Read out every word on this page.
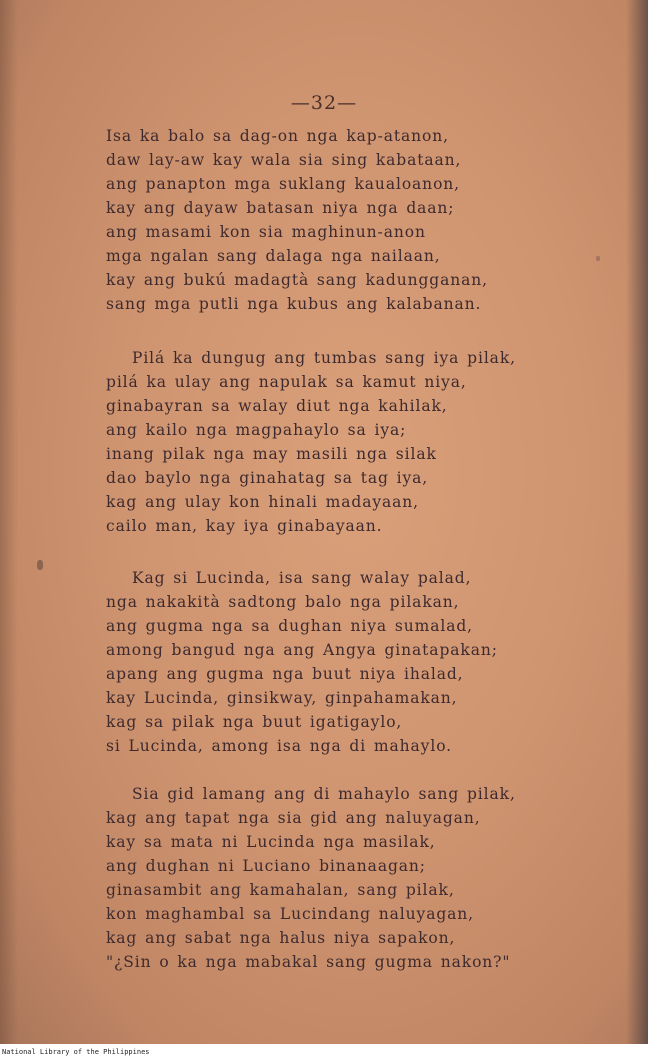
—32—
Isa ka balo sa dag-on nga kap-atanon,
daw lay-aw kay wala sia sing kabataan,
ang panapton mga suklang kaualoanon,
kay ang dayaw batasan niya nga daan;
ang masami kon sia maghinun-anon
mga ngalan sang dalaga nga nailaan,
kay ang bukú madagtà sang kadungganan,
sang mga putli nga kubus ang kalabanan.
Pilá ka dungug ang tumbas sang iya pilak,
pilá ka ulay ang napulak sa kamut niya,
ginabayran sa walay diut nga kahilak,
ang kailo nga magpahaylo sa iya;
inang pilak nga may masili nga silak
dao baylo nga ginahatag sa tag iya,
kag ang ulay kon hinali madayaan,
cailo man, kay iya ginabayaan.
Kag si Lucinda, isa sang walay palad,
nga nakakità sadtong balo nga pilakan,
ang gugma nga sa dughan niya sumalad,
among bangud nga ang Angya ginatapakan;
apang ang gugma nga buut niya ihalad,
kay Lucinda, ginsikway, ginpahamakan,
kag sa pilak nga buut igatigaylo,
si Lucinda, among isa nga di mahaylo.
Sia gid lamang ang di mahaylo sang pilak,
kag ang tapat nga sia gid ang naluyagan,
kay sa mata ni Lucinda nga masilak,
ang dughan ni Luciano binanaagan;
ginasambit ang kamahalan, sang pilak,
kon maghambal sa Lucindang naluyagan,
kag ang sabat nga halus niya sapakon,
"¿Sin o ka nga mabakal sang gugma nakon?"
National Library of the Philippines
